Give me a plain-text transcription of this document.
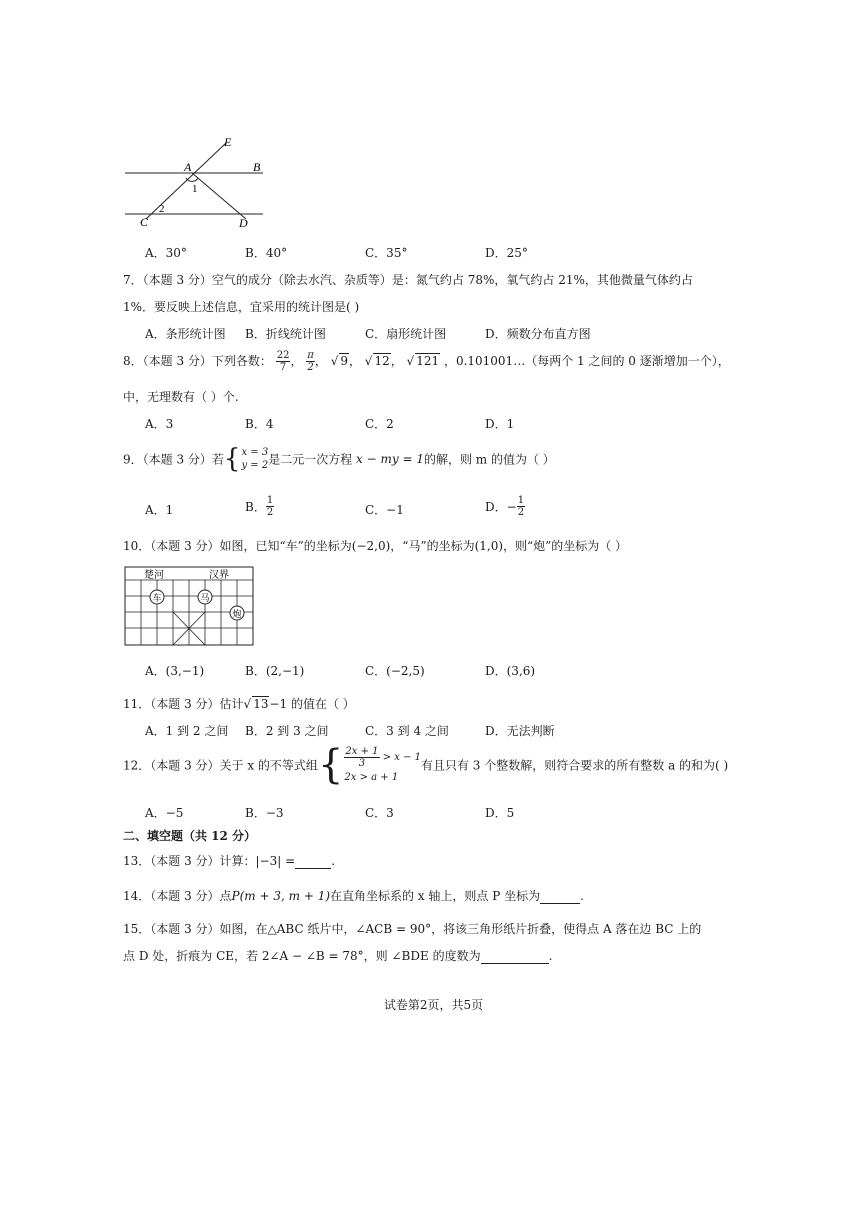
E
A	B
1
C
2
D
A．30°	B．40°	C．35°	D．25°
7．（本题 3 分）空气的成分（除去水汽、杂质等）是：氮气约占 78%，氧气约占 21%，其他微量气体约占
1%．要反映上述信息，宜采用的统计图是( )
A．条形统计图 B．折线统计图	C．扇形统计图	D．频数分布直方图
8．（本题 3 分）下列各数： $\frac{22}{7}$ ， $\frac{\pi}{2}$ ， √ 9， √ 12， √ 121 ，0.101001…（每两个 1 之间的 0 逐渐增加一个），
中，无理数有（ ）个.
A．3	B．4	C．2	D．1
9．（本题 3 分）若{ x = 3
y = 2 是二元一次方程 x − my = 1的解，则 m 的值为（ ）
A．1	B． $\frac{1}{2}$	C．−1	D．− $\frac{1}{2}$
10．（本题 3 分）如图，已知“车”的坐标为(−2,0)，“马”的坐标为(1,0)，则“炮”的坐标为（ ）
楚河	汉界
车	马
炮
A．(3,−1)	B．(2,−1)	C．(−2,5)	D．(3,6)
11．（本题 3 分）估计√ 13−1 的值在（ ）
A．1 到 2 之间 B．2 到 3 之间	C．3 到 4 之间	D．无法判断
12．（本题 3 分）关于 x 的不等式组{ $\frac{2x + 1}{3} > x - 1$
2x > a + 1
有且只有 3 个整数解，则符合要求的所有整数 a 的和为( )
A．−5	B．−3	C．3	D．5
二、填空题（共 12 分）
13．（本题 3 分）计算：|−3| =	.
14．（本题 3 分）点P(m + 3, m + 1)在直角坐标系的 x 轴上，则点 P 坐标为	.
15．（本题 3 分）如图，在△ABC 纸片中，∠ACB = 90°，将该三角形纸片折叠，使得点 A 落在边 BC 上的
点 D 处，折痕为 CE，若 2∠A − ∠B = 78°，则 ∠BDE 的度数为	.
试卷第2页，共5页
